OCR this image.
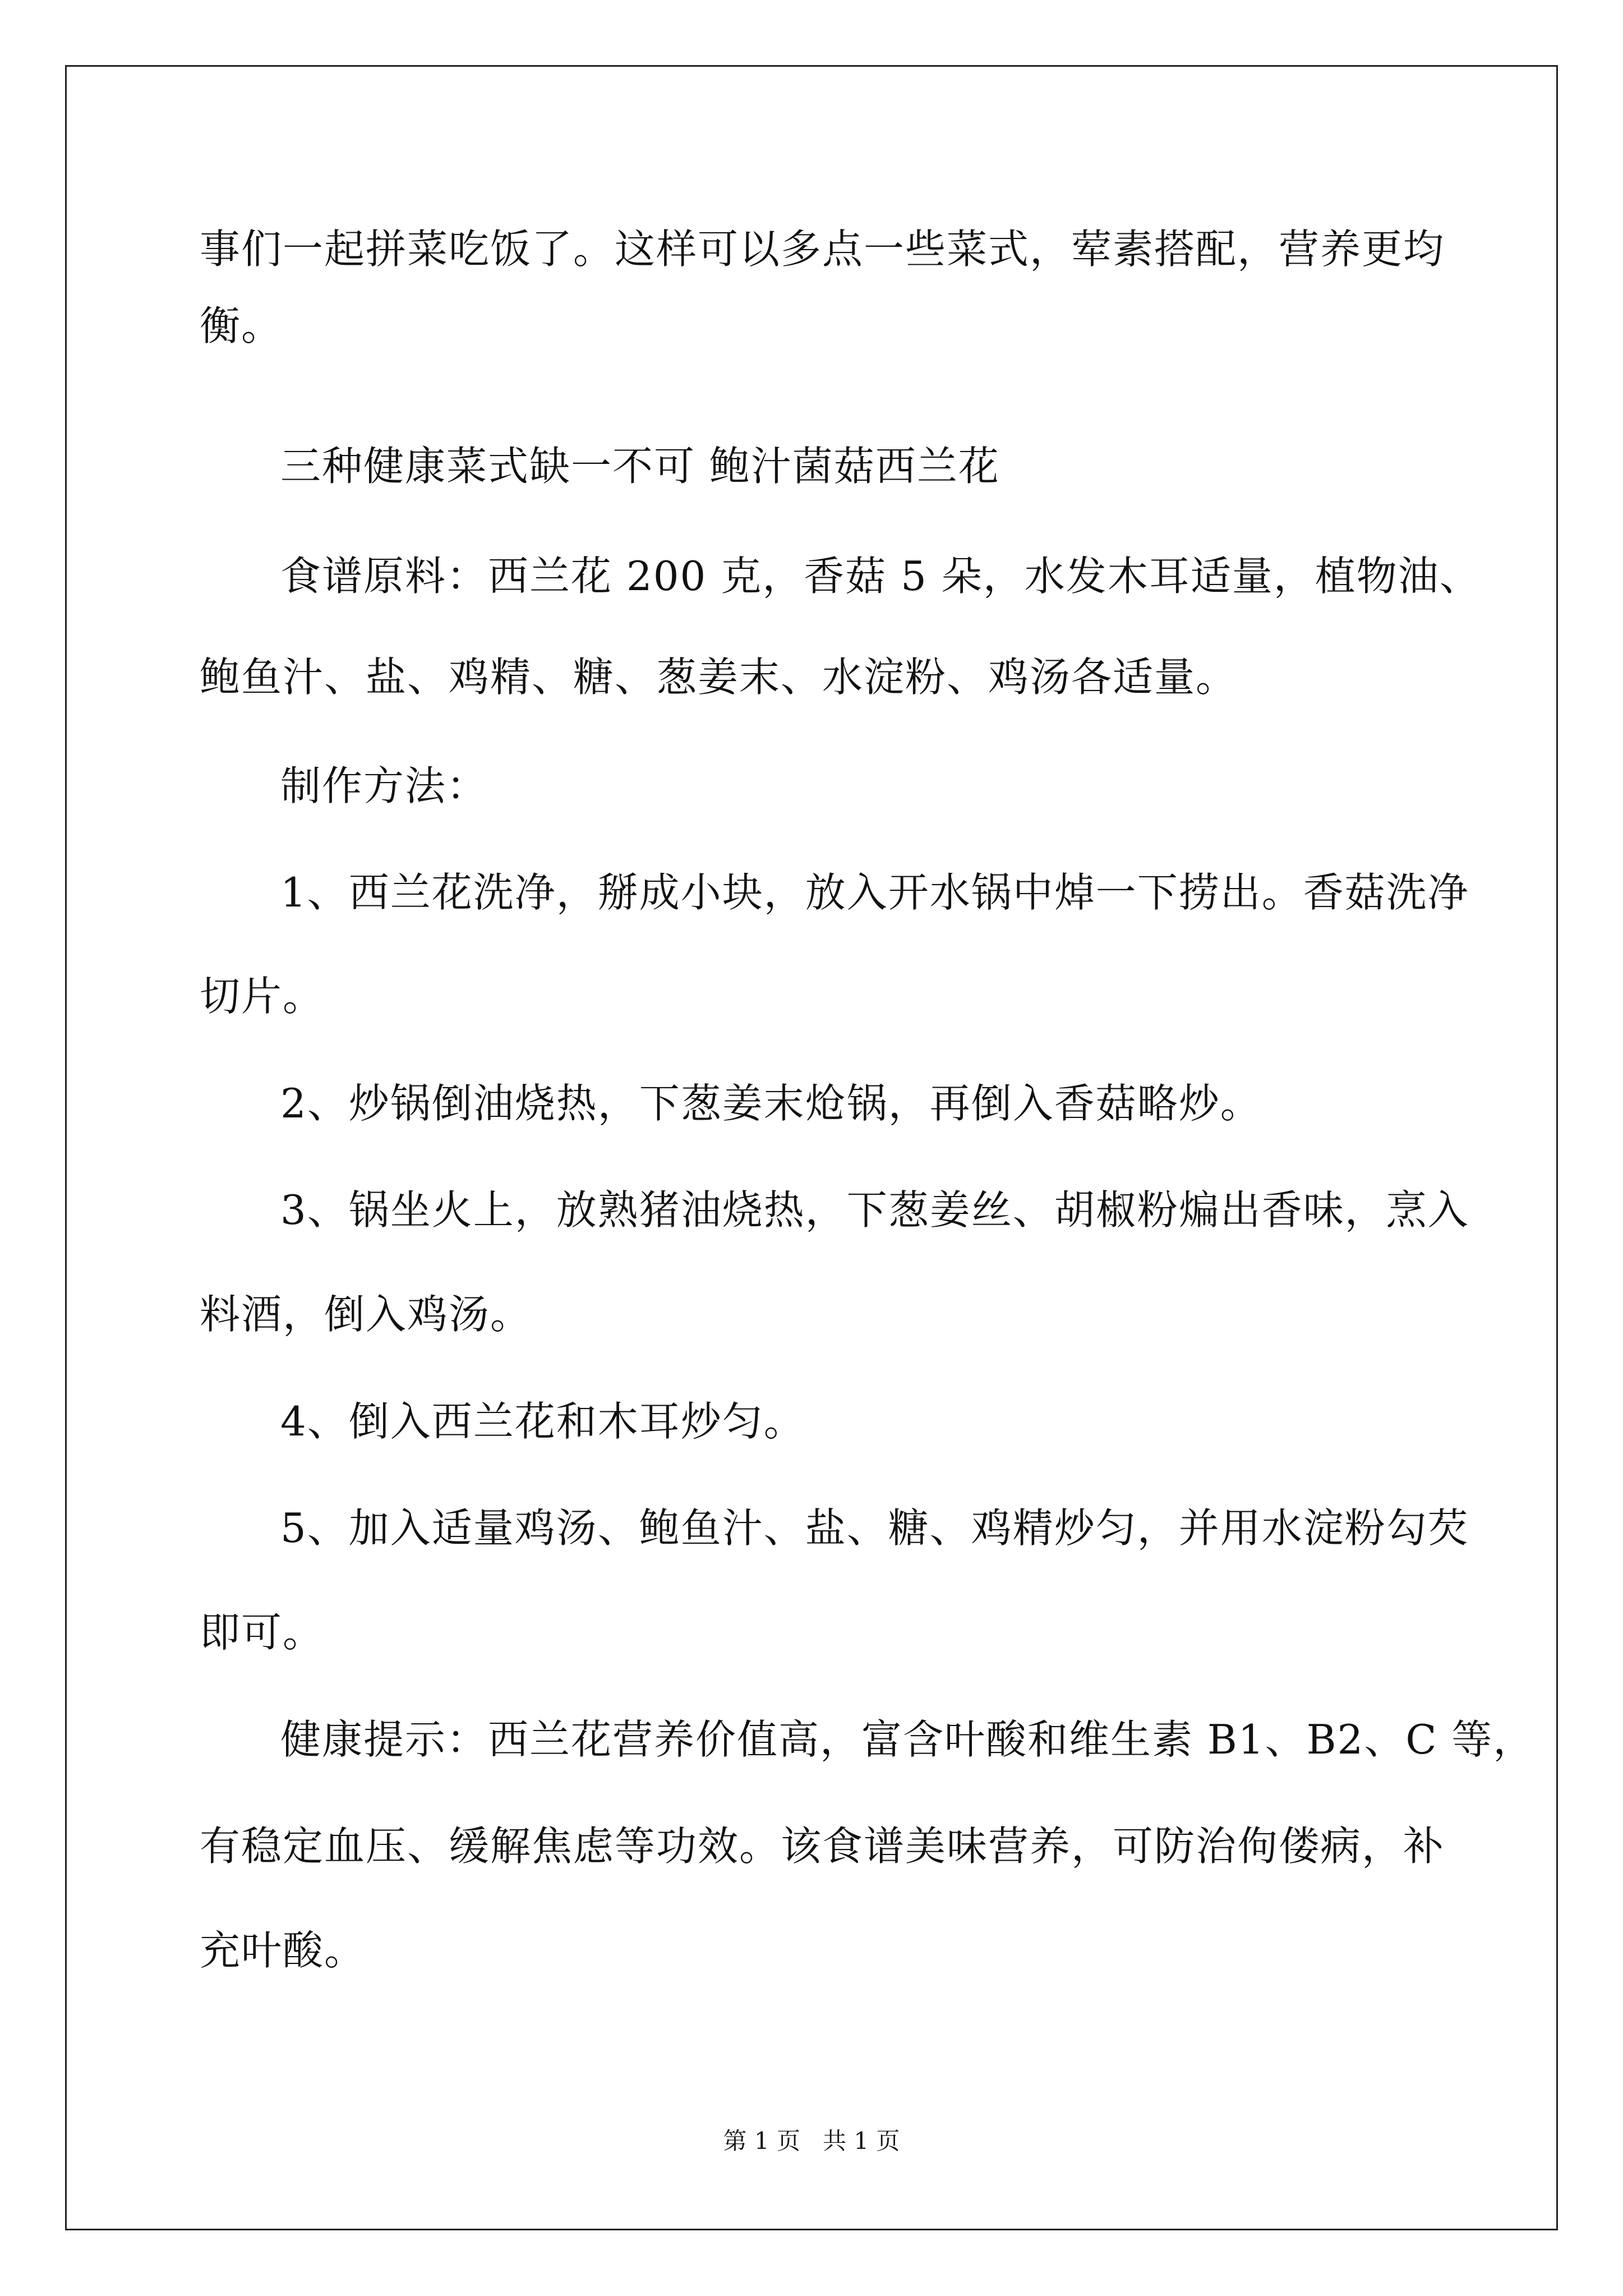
事们一起拼菜吃饭了。这样可以多点一些菜式，荤素搭配，营养更均
衡。
三种健康菜式缺一不可 鲍汁菌菇西兰花
食谱原料：西兰花 200 克，香菇 5 朵，水发木耳适量，植物油、
鲍鱼汁、盐、鸡精、糖、葱姜末、水淀粉、鸡汤各适量。
制作方法：
1、西兰花洗净，掰成小块，放入开水锅中焯一下捞出。香菇洗净
切片。
2、炒锅倒油烧热，下葱姜末炝锅，再倒入香菇略炒。
3、锅坐火上，放熟猪油烧热，下葱姜丝、胡椒粉煸出香味，烹入
料酒，倒入鸡汤。
4、倒入西兰花和木耳炒匀。
5、加入适量鸡汤、鲍鱼汁、盐、糖、鸡精炒匀，并用水淀粉勾芡
即可。
健康提示：西兰花营养价值高，富含叶酸和维生素 B1、B2、C 等，
有稳定血压、缓解焦虑等功效。该食谱美味营养，可防治佝偻病，补
充叶酸。
第 1 页   共 1 页
